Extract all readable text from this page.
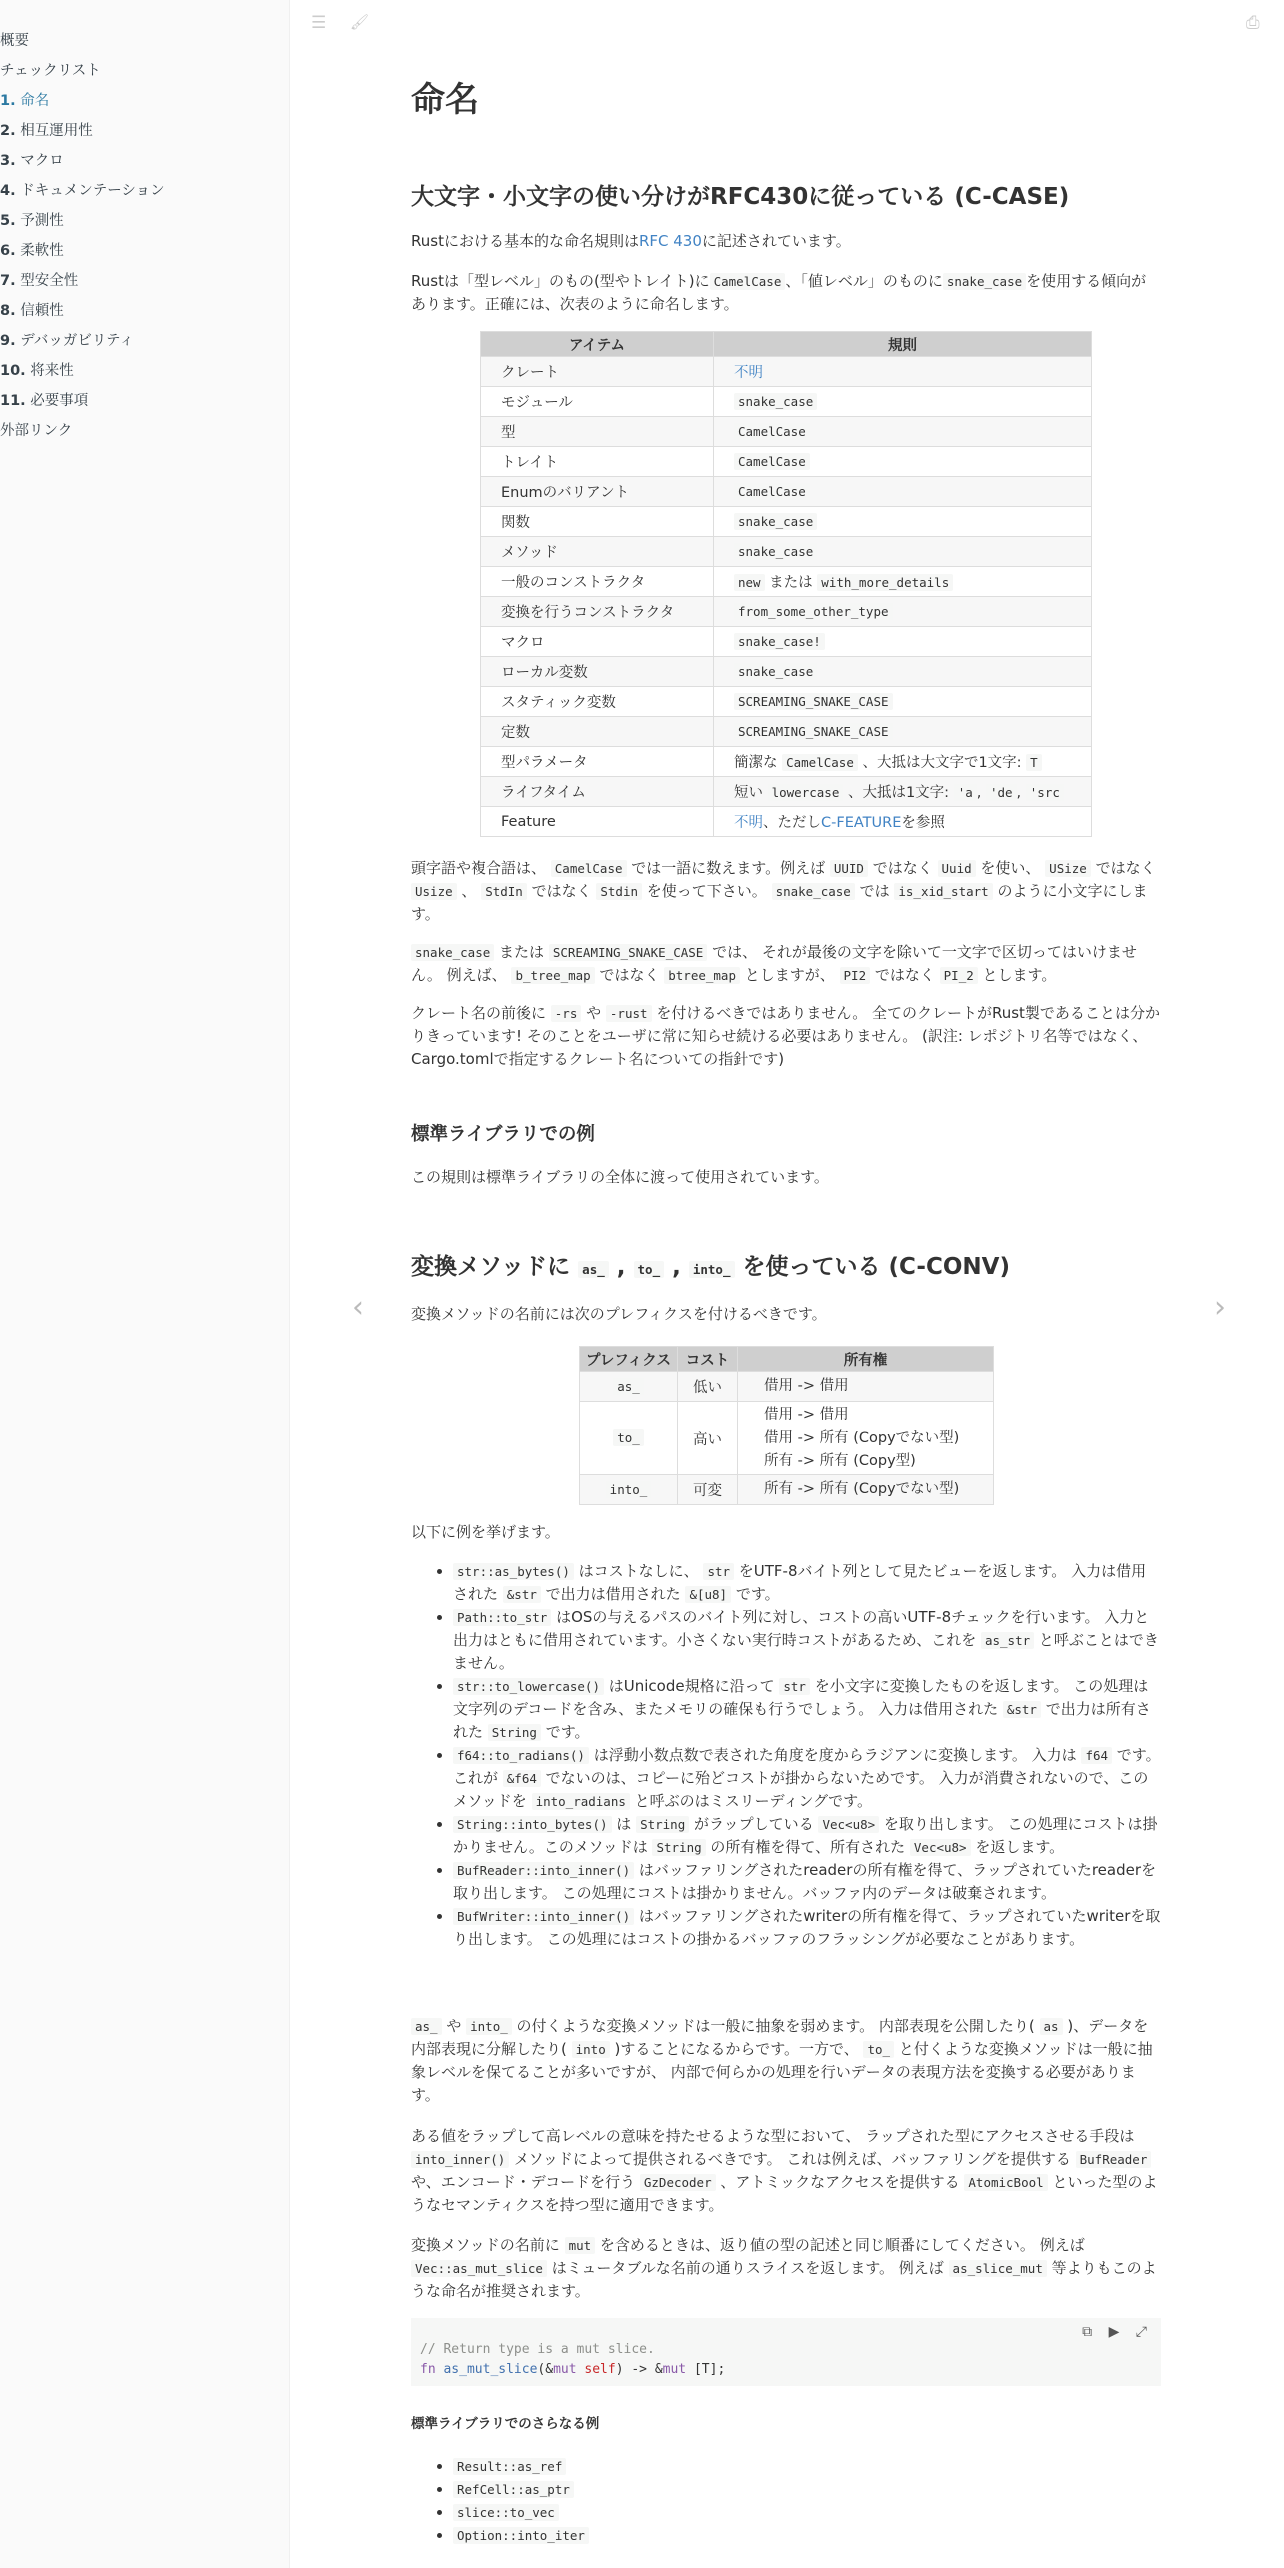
概要
チェックリスト
1. 命名
2. 相互運用性
3. マクロ
4. ドキュメンテーション
5. 予測性
6. 柔軟性
7. 型安全性
8. 信頼性
9. デバッガビリティ
10. 将来性
11. 必要事項
外部リンク
☰ 🖌	⎙
‹	›
命名
大文字・小文字の使い分けがRFC430に従っている (C-CASE)

Rustにおける基本的な命名規則はRFC 430に記述されています。

Rustは「型レベル」のもの(型やトレイト)に CamelCase 、「値レベル」のものに snake_case を使用する傾向があります。正確には、次表のように命名します。

アイテム	規則
クレート	不明
モジュール	snake_case
型	CamelCase
トレイト	CamelCase
Enumのバリアント	CamelCase
関数	snake_case
メソッド	snake_case
一般のコンストラクタ	new または with_more_details
変換を行うコンストラクタ	from_some_other_type
マクロ	snake_case!
ローカル変数	snake_case
スタティック変数	SCREAMING_SNAKE_CASE
定数	SCREAMING_SNAKE_CASE
型パラメータ	簡潔な CamelCase 、大抵は大文字で1文字: T
ライフタイム	短い lowercase 、大抵は1文字: 'a , 'de , 'src
Feature	不明、ただしC-FEATUREを参照

頭字語や複合語は、 CamelCase では一語に数えます。例えば UUID ではなく Uuid を使い、 USize ではなく Usize 、 StdIn ではなく Stdin を使って下さい。 snake_case では is_xid_start のように小文字にします。

snake_case または SCREAMING_SNAKE_CASE では、 それが最後の文字を除いて一文字で区切ってはいけません。 例えば、 b_tree_map ではなく btree_map としますが、 PI2 ではなく PI_2 とします。

クレート名の前後に -rs や -rust を付けるべきではありません。 全てのクレートがRust製であることは分かりきっています! そのことをユーザに常に知らせ続ける必要はありません。 (訳注: レポジトリ名等ではなく、Cargo.tomlで指定するクレート名についての指針です)

標準ライブラリでの例

この規則は標準ライブラリの全体に渡って使用されています。

変換メソッドに as_ , to_ , into_ を使っている (C-CONV)

変換メソッドの名前には次のプレフィクスを付けるべきです。

プレフィクス	コスト	所有権
as_	低い	借用 -> 借用

to_	高い	借用 -> 借用
借用 -> 所有 (Copyでない型)
所有 -> 所有 (Copy型)

into_	可変	所有 -> 所有 (Copyでない型)

以下に例を挙げます。

• str::as_bytes() はコストなしに、 str をUTF-8バイト列として見たビューを返します。 入力は借用された &str で出力は借用された &[u8] です。
• Path::to_str はOSの与えるパスのバイト列に対し、コストの高いUTF-8チェックを行います。 入力と出力はともに借用されています。小さくない実行時コストがあるため、これを as_str と呼ぶことはできません。
• str::to_lowercase() はUnicode規格に沿って str を小文字に変換したものを返します。 この処理は文字列のデコードを含み、またメモリの確保も行うでしょう。 入力は借用された &str で出力は所有された String です。
• f64::to_radians() は浮動小数点数で表された角度を度からラジアンに変換します。 入力は f64 です。これが &f64 でないのは、コピーに殆どコストが掛からないためです。 入力が消費されないので、このメソッドを into_radians と呼ぶのはミスリーディングです。
• String::into_bytes() は String がラップしている Vec<u8> を取り出します。 この処理にコストは掛かりません。このメソッドは String の所有権を得て、所有された Vec<u8> を返します。
• BufReader::into_inner() はバッファリングされたreaderの所有権を得て、ラップされていたreaderを取り出します。 この処理にコストは掛かりません。バッファ内のデータは破棄されます。
• BufWriter::into_inner() はバッファリングされたwriterの所有権を得て、ラップされていたwriterを取り出します。 この処理にはコストの掛かるバッファのフラッシングが必要なことがあります。

as_ や into_ の付くような変換メソッドは一般に抽象を弱めます。 内部表現を公開したり( as )、データを内部表現に分解したり( into )することになるからです。一方で、 to_ と付くような変換メソッドは一般に抽象レベルを保てることが多いですが、 内部で何らかの処理を行いデータの表現方法を変換する必要があります。

ある値をラップして高レベルの意味を持たせるような型において、 ラップされた型にアクセスさせる手段は into_inner() メソッドによって提供されるべきです。 これは例えば、バッファリングを提供する BufReader や、エンコード・デコードを行う GzDecoder 、アトミックなアクセスを提供する AtomicBool といった型のようなセマンティクスを持つ型に適用できます。

変換メソッドの名前に mut を含めるときは、返り値の型の記述と同じ順番にしてください。 例えば Vec::as_mut_slice はミュータブルな名前の通りスライスを返します。 例えば as_slice_mut 等よりもこのような命名が推奨されます。

⧉ ▶ ⤢
// Return type is a mut slice.
fn as_mut_slice(&mut self) -> &mut [T];
標準ライブラリでのさらなる例
• Result::as_ref
• RefCell::as_ptr
• slice::to_vec
• Option::into_iter
